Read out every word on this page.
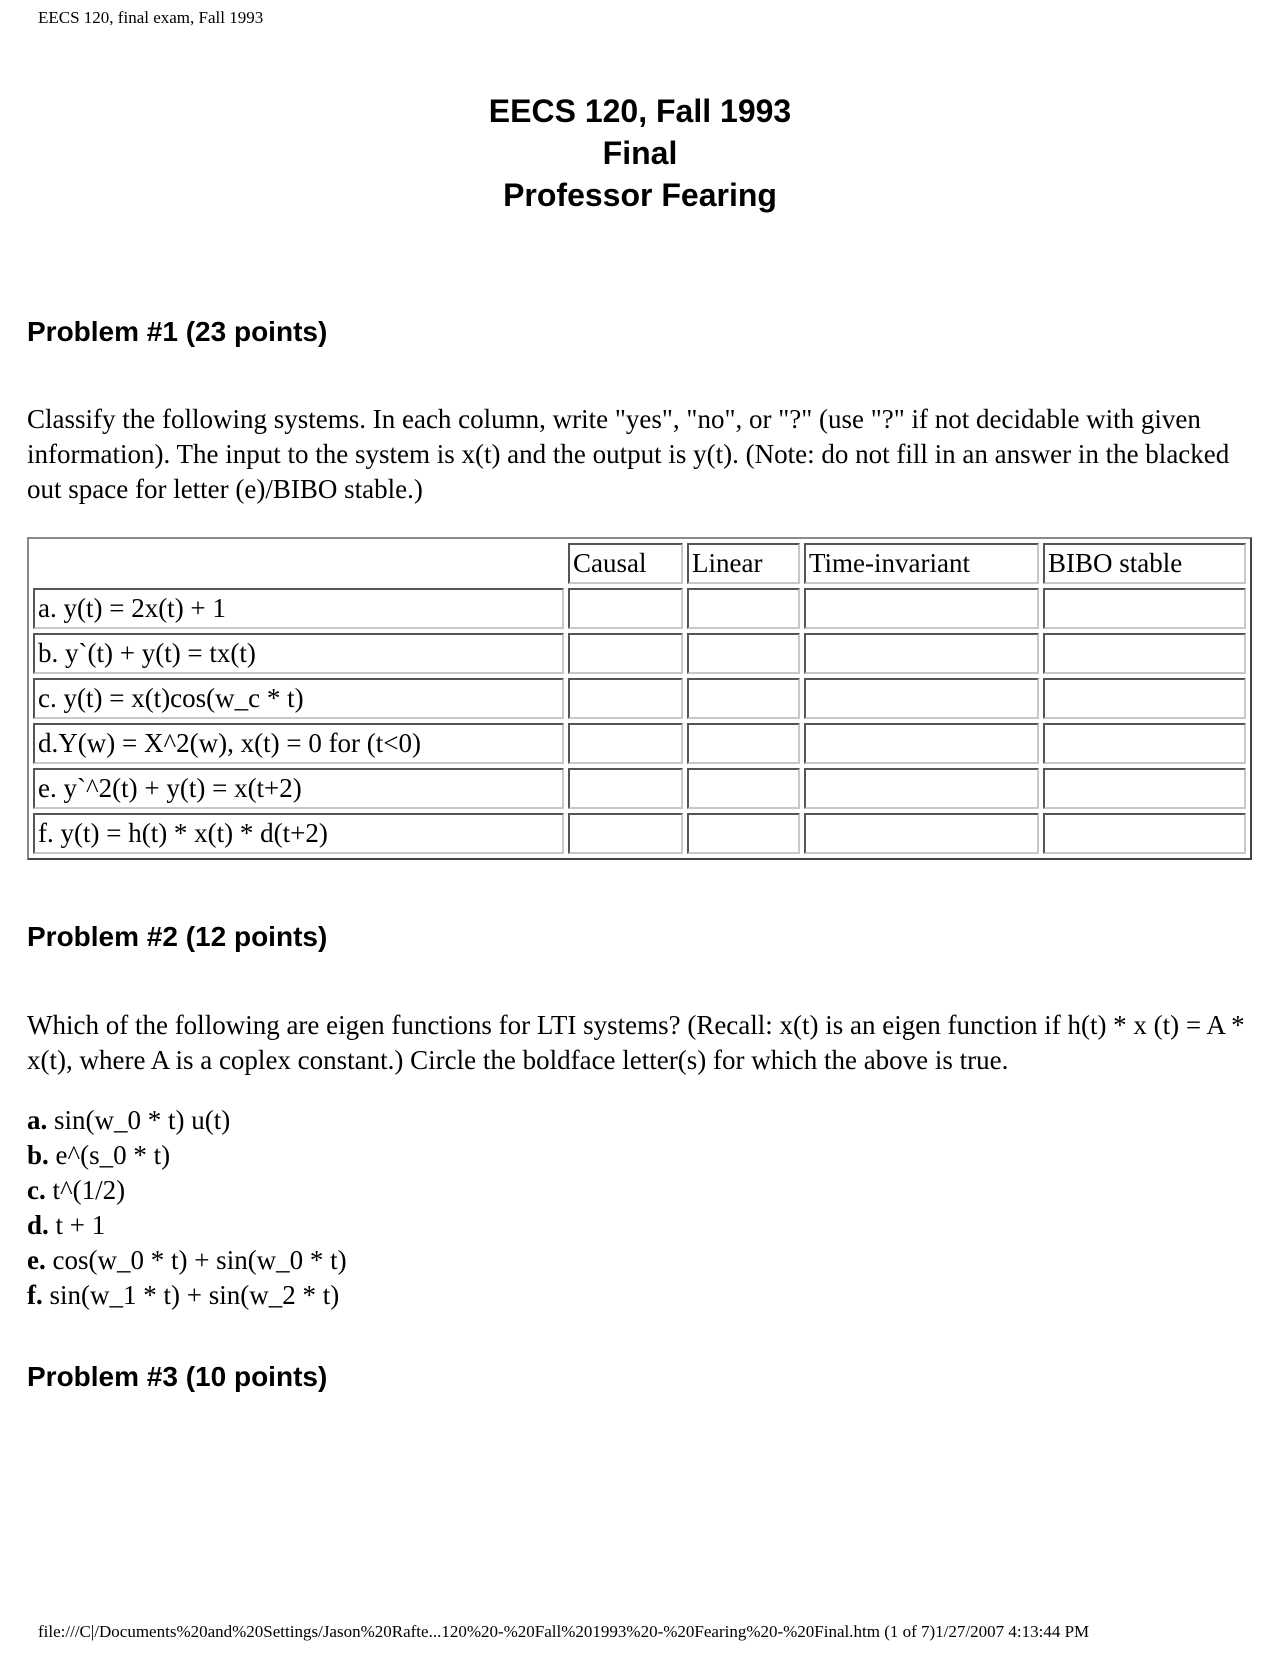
EECS 120, final exam, Fall 1993
EECS 120, Fall 1993
Final
Professor Fearing
Problem #1 (23 points)
Classify the following systems. In each column, write "yes", "no", or "?" (use "?" if not decidable with given information). The input to the system is x(t) and the output is y(t). (Note: do not fill in an answer in the blacked out space for letter (e)/BIBO stable.)
	Causal	Linear	Time-invariant	BIBO stable
a. y(t) = 2x(t) + 1				
b. y`(t) + y(t) = tx(t)				
c. y(t) = x(t)cos(w_c * t)				
d.Y(w) = X^2(w), x(t) = 0 for (t<0)				
e. y`^2(t) + y(t) = x(t+2)				
f. y(t) = h(t) * x(t) * d(t+2)				
Problem #2 (12 points)
Which of the following are eigen functions for LTI systems? (Recall: x(t) is an eigen function if h(t) * x (t) = A * x(t), where A is a coplex constant.) Circle the boldface letter(s) for which the above is true.
a. sin(w_0 * t) u(t)
b. e^(s_0 * t)
c. t^(1/2)
d. t + 1
e. cos(w_0 * t) + sin(w_0 * t)
f. sin(w_1 * t) + sin(w_2 * t)
Problem #3 (10 points)
file:///C|/Documents%20and%20Settings/Jason%20Rafte...120%20-%20Fall%201993%20-%20Fearing%20-%20Final.htm (1 of 7)1/27/2007 4:13:44 PM
